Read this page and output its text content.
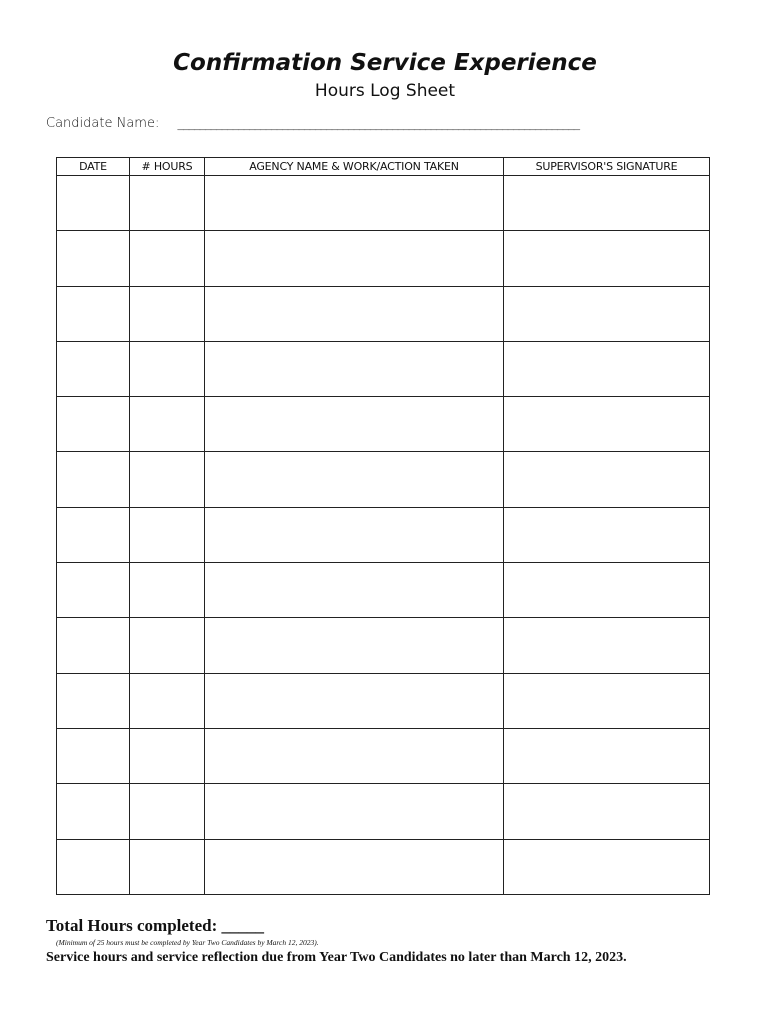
Confirmation Service Experience
Hours Log Sheet
Candidate Name: _________________________________________________________________________
DATE	# HOURS	AGENCY NAME & WORK/ACTION TAKEN	SUPERVISOR'S SIGNATURE

Total Hours completed: _____
(Minimum of 25 hours must be completed by Year Two Candidates by March 12, 2023).
Service hours and service reflection due from Year Two Candidates no later than March 12, 2023.
